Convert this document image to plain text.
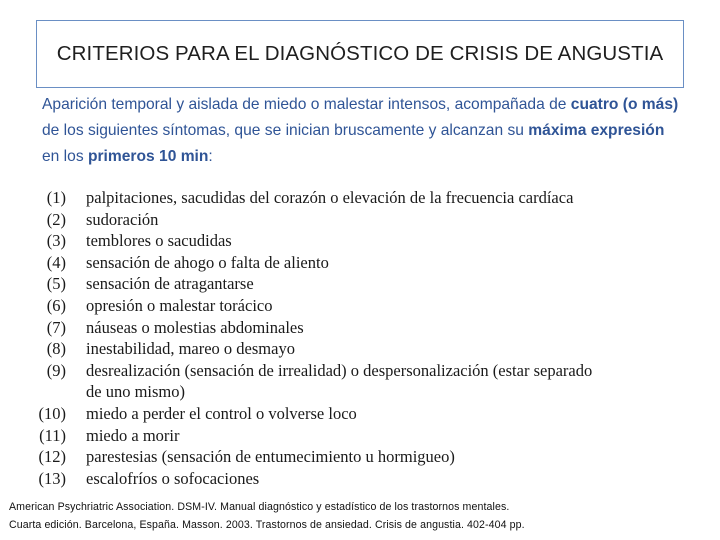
CRITERIOS PARA EL DIAGNÓSTICO DE CRISIS DE ANGUSTIA
Aparición temporal y aislada de miedo o malestar intensos, acompañada de cuatro (o más) de los siguientes síntomas, que se inician bruscamente y alcanzan su máxima expresión en los primeros 10 min:
(1) palpitaciones, sacudidas del corazón o elevación de la frecuencia cardíaca
(2) sudoración
(3) temblores o sacudidas
(4) sensación de ahogo o falta de aliento
(5) sensación de atragantarse
(6) opresión o malestar torácico
(7) náuseas o molestias abdominales
(8) inestabilidad, mareo o desmayo
(9) desrealización (sensación de irrealidad) o despersonalización (estar separado
de uno mismo)
(10) miedo a perder el control o volverse loco
(11) miedo a morir
(12) parestesias (sensación de entumecimiento u hormigueo)
(13) escalofríos o sofocaciones
American Psychriatric Association. DSM-IV. Manual diagnóstico y estadístico de los trastornos mentales.
Cuarta edición. Barcelona, España. Masson. 2003. Trastornos de ansiedad. Crisis de angustia. 402-404 pp.
